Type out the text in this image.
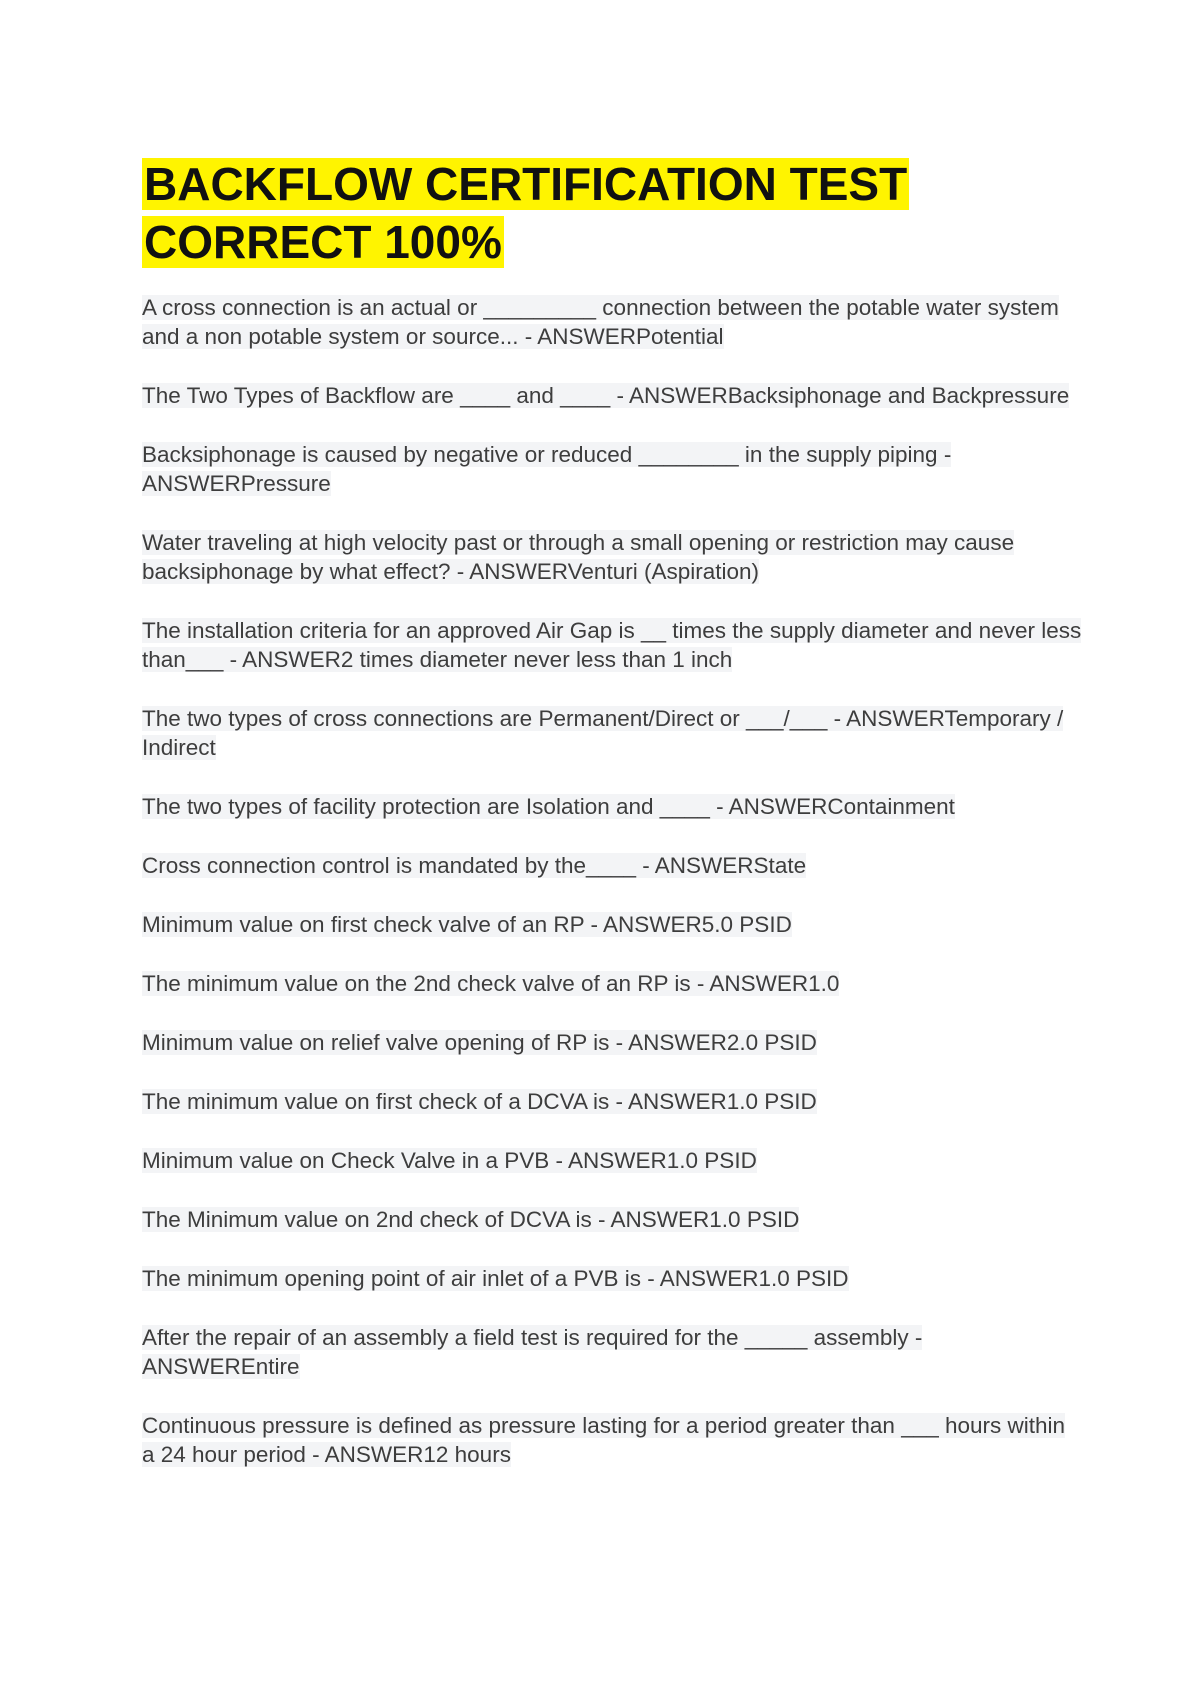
BACKFLOW CERTIFICATION TEST
CORRECT 100%
A cross connection is an actual or _________ connection between the potable water system and a non potable system or source... - ANSWERPotential
The Two Types of Backflow are ____ and ____ - ANSWERBacksiphonage and Backpressure
Backsiphonage is caused by negative or reduced ________ in the supply piping - ANSWERPressure
Water traveling at high velocity past or through a small opening or restriction may cause backsiphonage by what effect? - ANSWERVenturi (Aspiration)
The installation criteria for an approved Air Gap is __ times the supply diameter and never less than___ - ANSWER2 times diameter never less than 1 inch
The two types of cross connections are Permanent/Direct or ___/___ - ANSWERTemporary / Indirect
The two types of facility protection are Isolation and ____ - ANSWERContainment
Cross connection control is mandated by the____ - ANSWERState
Minimum value on first check valve of an RP - ANSWER5.0 PSID
The minimum value on the 2nd check valve of an RP is - ANSWER1.0
Minimum value on relief valve opening of RP is - ANSWER2.0 PSID
The minimum value on first check of a DCVA is - ANSWER1.0 PSID
Minimum value on Check Valve in a PVB - ANSWER1.0 PSID
The Minimum value on 2nd check of DCVA is - ANSWER1.0 PSID
The minimum opening point of air inlet of a PVB is - ANSWER1.0 PSID
After the repair of an assembly a field test is required for the _____ assembly - ANSWEREntire
Continuous pressure is defined as pressure lasting for a period greater than ___ hours within a 24 hour period - ANSWER12 hours
